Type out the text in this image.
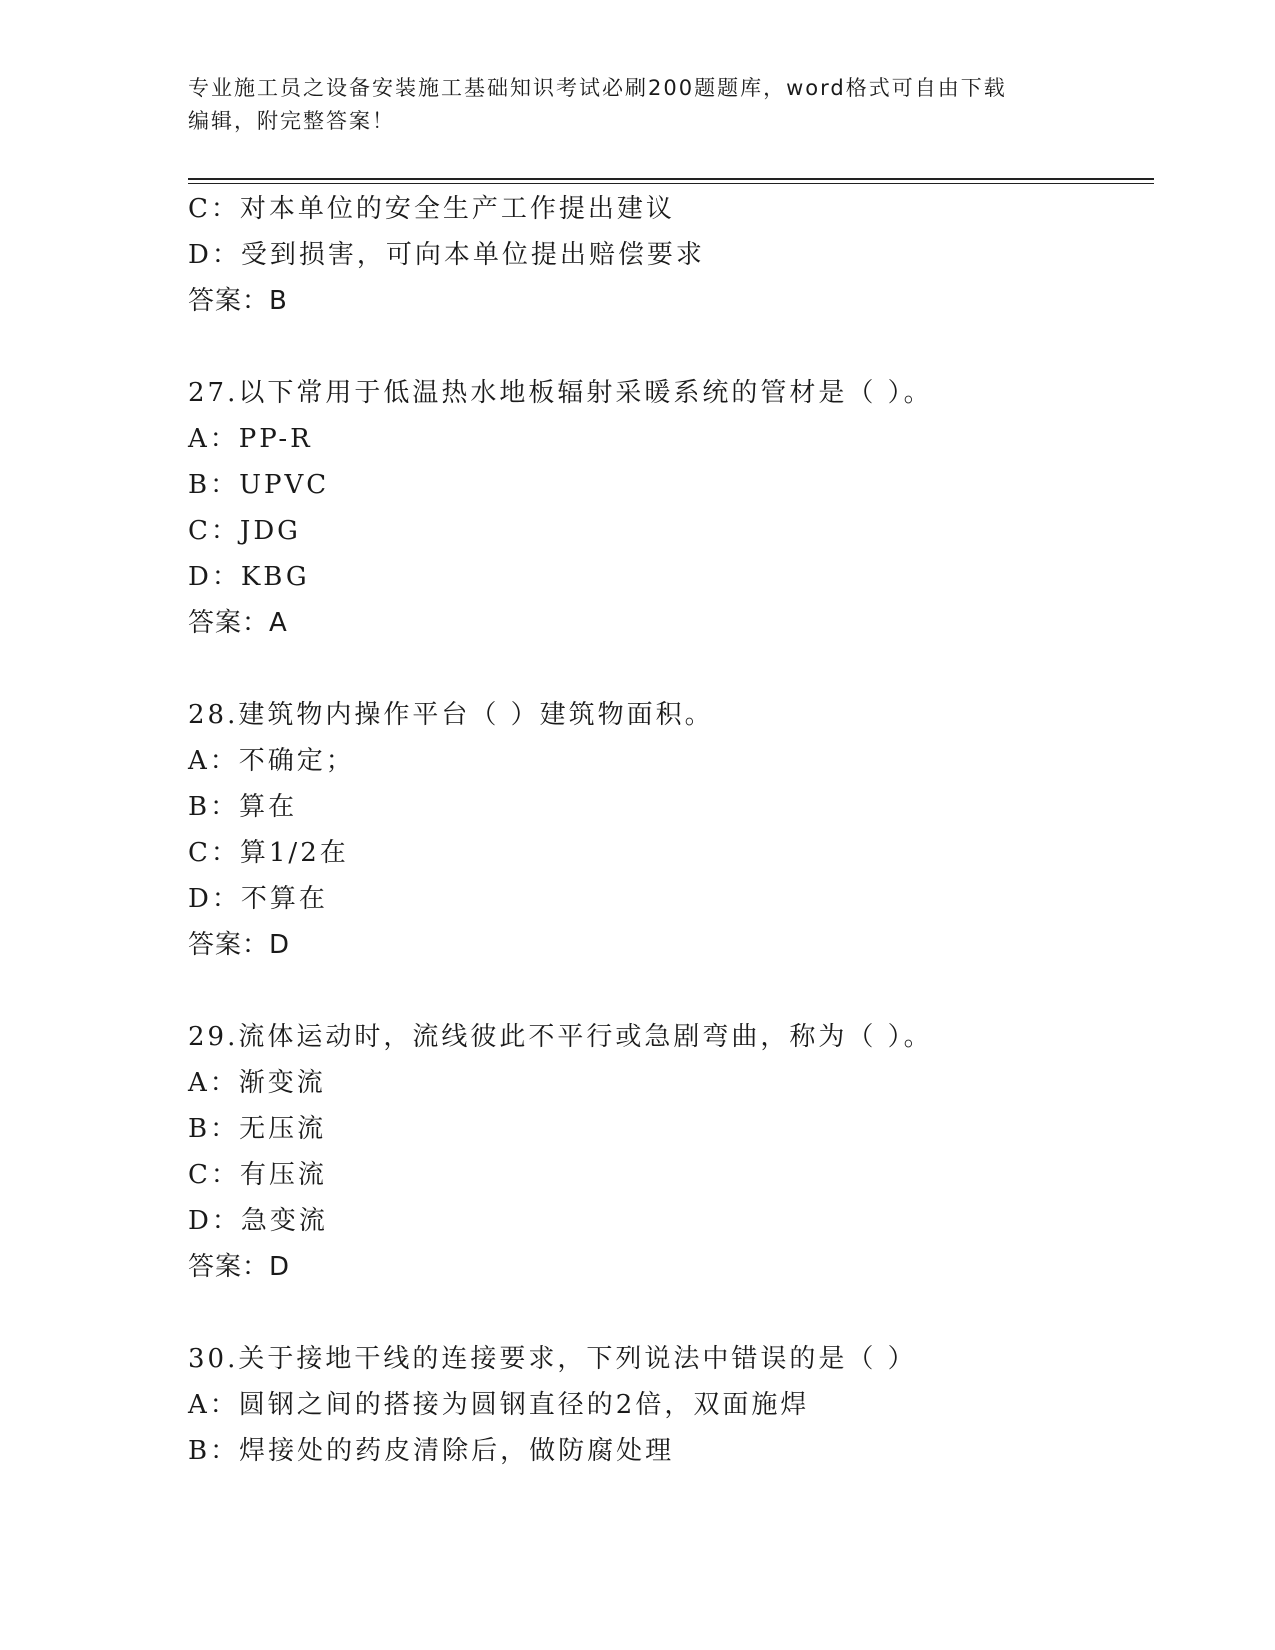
专业施工员之设备安装施工基础知识考试必刷200题题库，word格式可自由下载
编辑，附完整答案！
C：对本单位的安全生产工作提出建议
D：受到损害，可向本单位提出赔偿要求
答案：B
27.以下常用于低温热水地板辐射采暖系统的管材是（ ）。
A：PP-R
B：UPVC
C：JDG
D：KBG
答案：A
28.建筑物内操作平台（ ）建筑物面积。
A：不确定；
B：算在
C：算1/2在
D：不算在
答案：D
29.流体运动时，流线彼此不平行或急剧弯曲，称为（ ）。
A：渐变流
B：无压流
C：有压流
D：急变流
答案：D
30.关于接地干线的连接要求，下列说法中错误的是（ ）
A：圆钢之间的搭接为圆钢直径的2倍，双面施焊
B：焊接处的药皮清除后，做防腐处理
